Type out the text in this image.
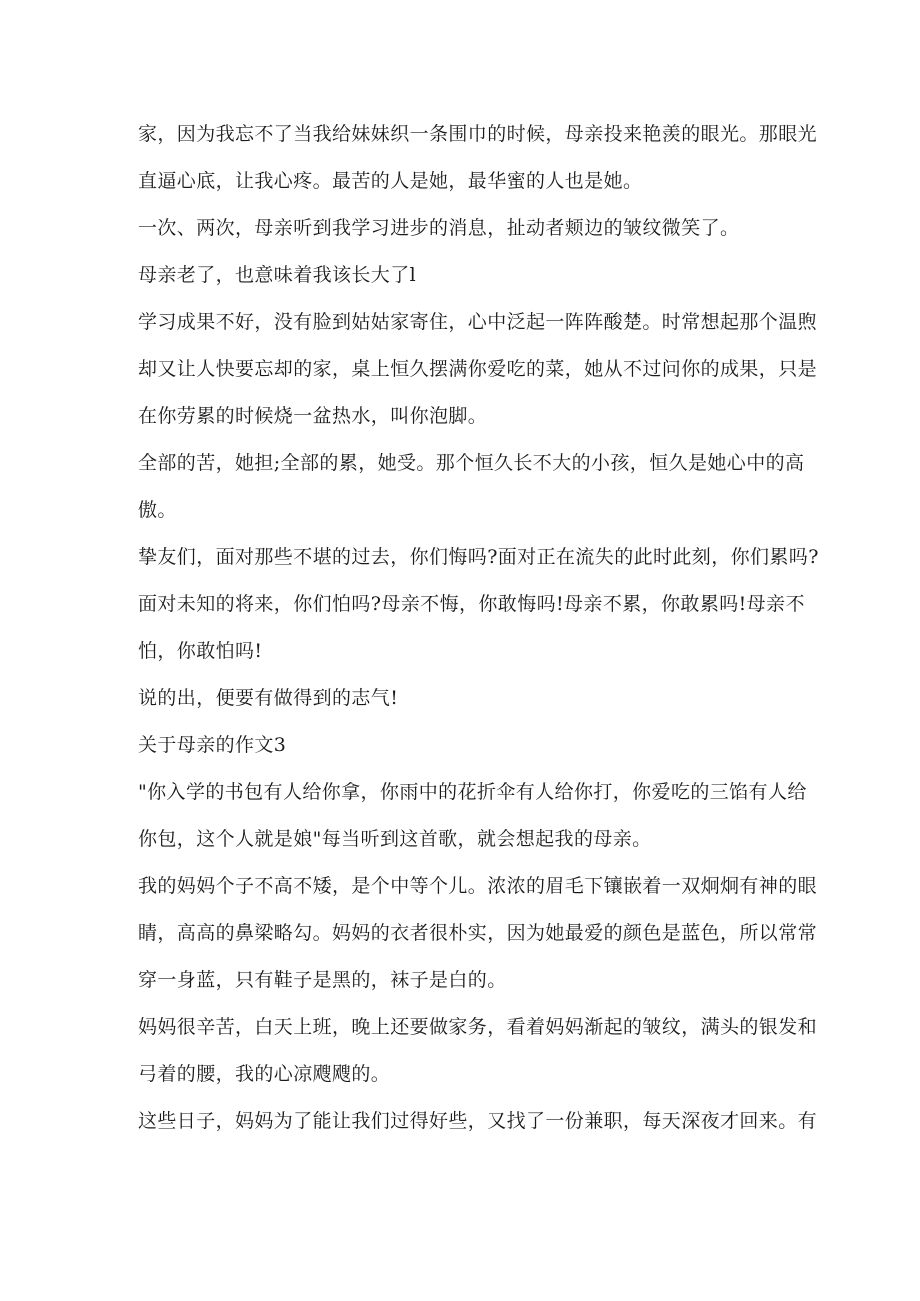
家，因为我忘不了当我给妹妹织一条围巾的时候，母亲投来艳羡的眼光。那眼光
直逼心底，让我心疼。最苦的人是她，最华蜜的人也是她。

一次、两次，母亲听到我学习进步的消息，扯动者颊边的皱纹微笑了。

母亲老了，也意味着我该长大了l

学习成果不好，没有脸到姑姑家寄住，心中泛起一阵阵酸楚。时常想起那个温煦
却又让人快要忘却的家，桌上恒久摆满你爱吃的菜，她从不过问你的成果，只是
在你劳累的时候烧一盆热水，叫你泡脚。

全部的苦，她担;全部的累，她受。那个恒久长不大的小孩，恒久是她心中的高
傲。

挚友们，面对那些不堪的过去，你们悔吗?面对正在流失的此时此刻，你们累吗?
面对未知的将来，你们怕吗?母亲不悔，你敢悔吗!母亲不累，你敢累吗!母亲不
怕，你敢怕吗!

说的出，便要有做得到的志气!

关于母亲的作文3

"你入学的书包有人给你拿，你雨中的花折伞有人给你打，你爱吃的三馅有人给
你包，这个人就是娘"每当听到这首歌，就会想起我的母亲。

我的妈妈个子不高不矮，是个中等个儿。浓浓的眉毛下镶嵌着一双炯炯有神的眼
睛，高高的鼻梁略勾。妈妈的衣者很朴实，因为她最爱的颜色是蓝色，所以常常
穿一身蓝，只有鞋子是黑的，袜子是白的。

妈妈很辛苦，白天上班，晚上还要做家务，看着妈妈渐起的皱纹，满头的银发和
弓着的腰，我的心凉飕飕的。

这些日子，妈妈为了能让我们过得好些，又找了一份兼职，每天深夜才回来。有
